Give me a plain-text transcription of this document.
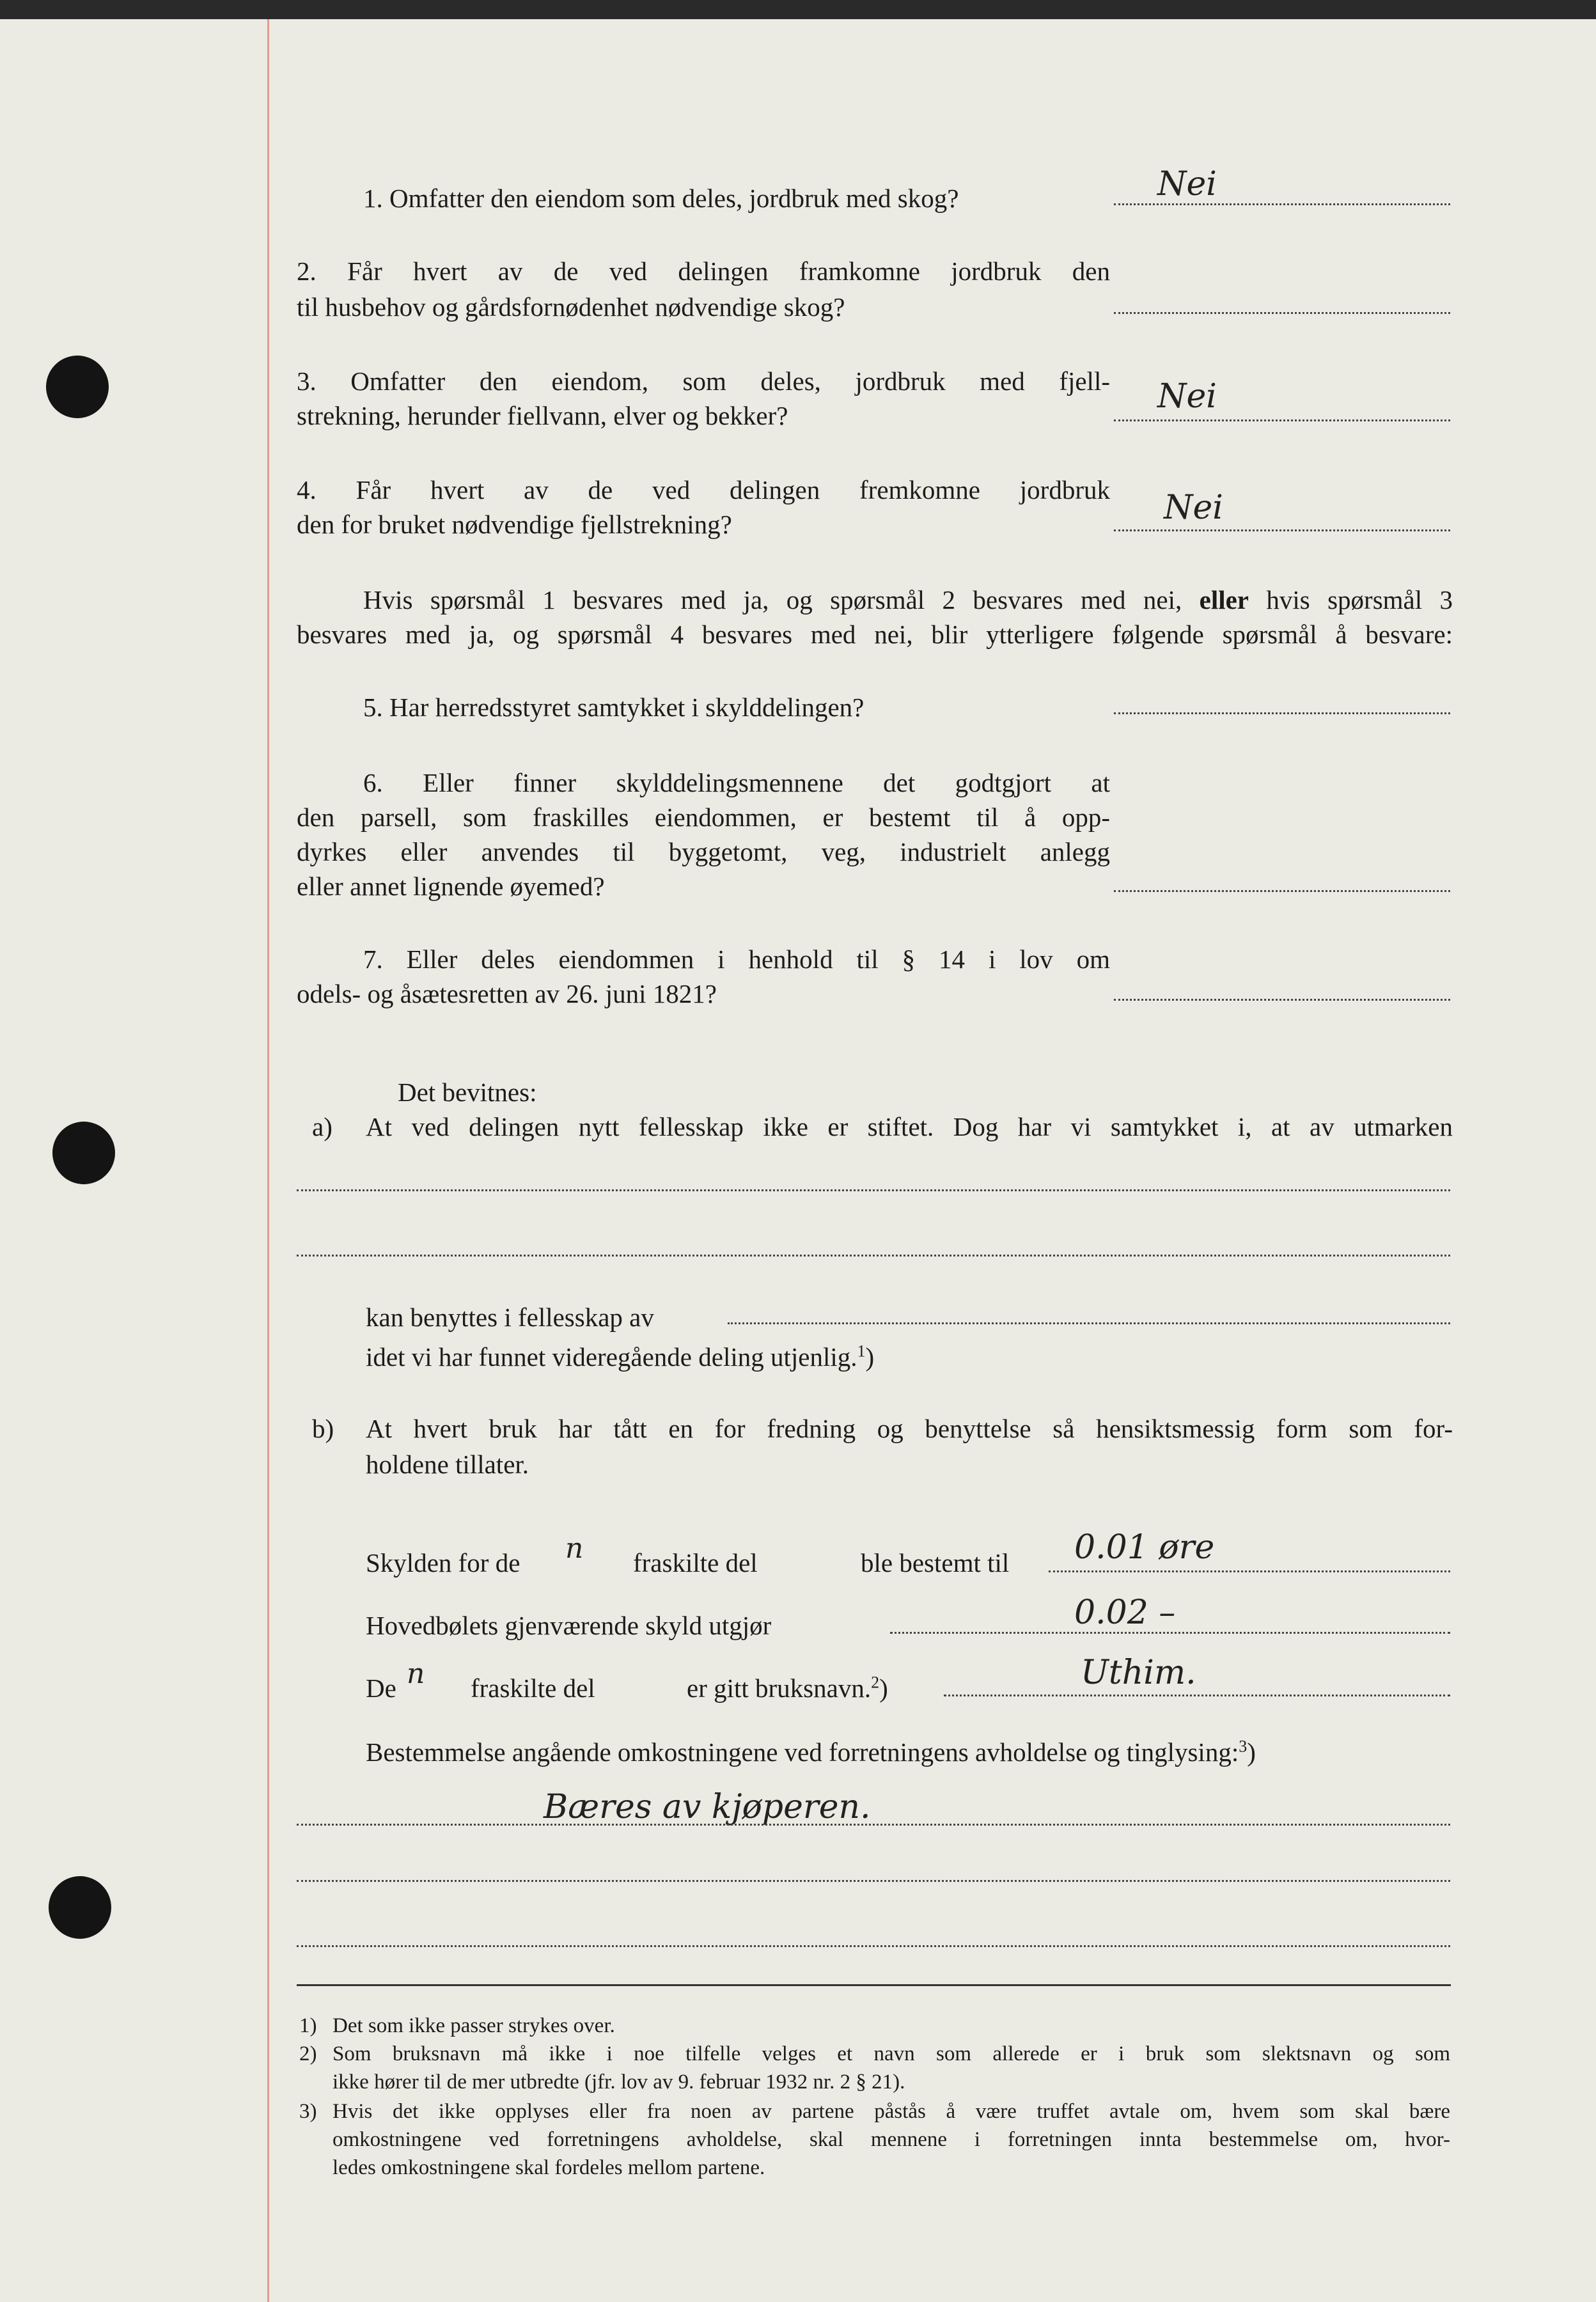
1. Omfatter den eiendom som deles, jordbruk med skog?	Nei
2. Får hvert av de ved delingen framkomne jordbruk den
til husbehov og gårdsfornødenhet nødvendige skog?
3. Omfatter den eiendom, som deles, jordbruk med fjell-
strekning, herunder fiellvann, elver og bekker?	Nei
4. Får hvert av de ved delingen fremkomne jordbruk
den for bruket nødvendige fjellstrekning?	Nei
Hvis spørsmål 1 besvares med ja, og spørsmål 2 besvares med nei, eller hvis spørsmål 3
besvares med ja, og spørsmål 4 besvares med nei, blir ytterligere følgende spørsmål å besvare:
5. Har herredsstyret samtykket i skylddelingen?
6. Eller finner skylddelingsmennene det godtgjort at
den parsell, som fraskilles eiendommen, er bestemt til å opp-
dyrkes eller anvendes til byggetomt, veg, industrielt anlegg
eller annet lignende øyemed?
7. Eller deles eiendommen i henhold til § 14 i lov om
odels- og åsætesretten av 26. juni 1821?
Det bevitnes:
a) At ved delingen nytt fellesskap ikke er stiftet. Dog har vi samtykket i, at av utmarken
kan benyttes i fellesskap av
idet vi har funnet videregående deling utjenlig.$^1$)
b) At hvert bruk har tått en for fredning og benyttelse så hensiktsmessig form som for-
holdene tillater.
Skylden for de n fraskilte del	ble bestemt til 0.01 øre
Hovedbølets gjenværende skyld utgjør	0.02 –
De n fraskilte del	er gitt bruksnavn.$^2$)	Uthim.
Bestemmelse angående omkostningene ved forretningens avholdelse og tinglysing:$^3$)
Bæres av kjøperen.
1) Det som ikke passer strykes over.
2) Som bruksnavn må ikke i noe tilfelle velges et navn som allerede er i bruk som slektsnavn og som
ikke hører til de mer utbredte (jfr. lov av 9. februar 1932 nr. 2 § 21).
3) Hvis det ikke opplyses eller fra noen av partene påstås å være truffet avtale om, hvem som skal bære
omkostningene ved forretningens avholdelse, skal mennene i forretningen innta bestemmelse om, hvor-
ledes omkostningene skal fordeles mellom partene.
